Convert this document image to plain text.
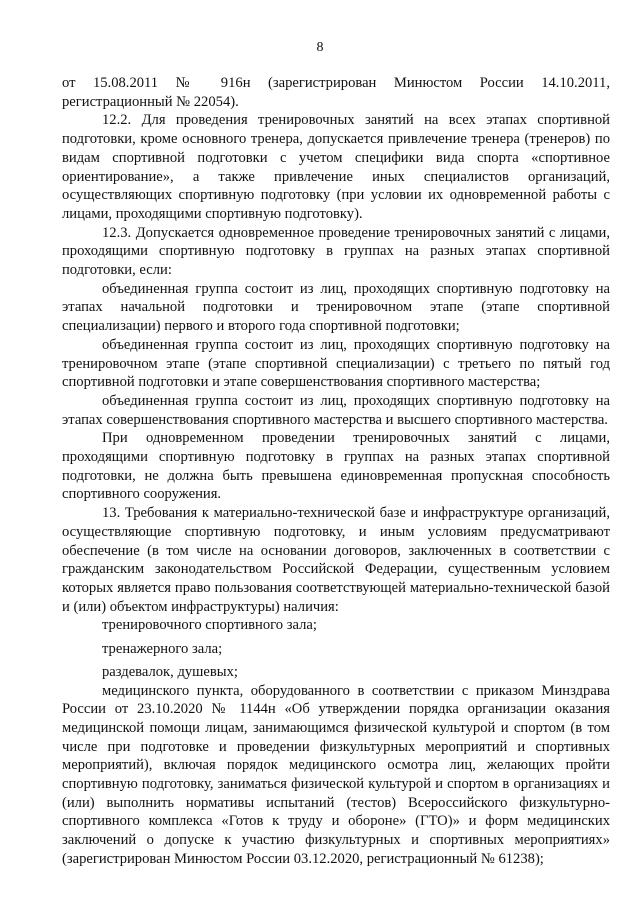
8

от 15.08.2011 № 916н (зарегистрирован Минюстом России 14.10.2011, регистрационный № 22054).

12.2. Для проведения тренировочных занятий на всех этапах спортивной подготовки, кроме основного тренера, допускается привлечение тренера (тренеров) по видам спортивной подготовки с учетом специфики вида спорта «спортивное ориентирование», а также привлечение иных специалистов организаций, осуществляющих спортивную подготовку (при условии их одновременной работы с лицами, проходящими спортивную подготовку).

12.3. Допускается одновременное проведение тренировочных занятий с лицами, проходящими спортивную подготовку в группах на разных этапах спортивной подготовки, если:

объединенная группа состоит из лиц, проходящих спортивную подготовку на этапах начальной подготовки и тренировочном этапе (этапе спортивной специализации) первого и второго года спортивной подготовки;

объединенная группа состоит из лиц, проходящих спортивную подготовку на тренировочном этапе (этапе спортивной специализации) с третьего по пятый год спортивной подготовки и этапе совершенствования спортивного мастерства;

объединенная группа состоит из лиц, проходящих спортивную подготовку на этапах совершенствования спортивного мастерства и высшего спортивного мастерства.

При одновременном проведении тренировочных занятий с лицами, проходящими спортивную подготовку в группах на разных этапах спортивной подготовки, не должна быть превышена единовременная пропускная способность спортивного сооружения.

13. Требования к материально-технической базе и инфраструктуре организаций, осуществляющие спортивную подготовку, и иным условиям предусматривают обеспечение (в том числе на основании договоров, заключенных в соответствии с гражданским законодательством Российской Федерации, существенным условием которых является право пользования соответствующей материально-технической базой и (или) объектом инфраструктуры) наличия:

тренировочного спортивного зала;

тренажерного зала;

раздевалок, душевых;

медицинского пункта, оборудованного в соответствии с приказом Минздрава России от 23.10.2020 № 1144н «Об утверждении порядка организации оказания медицинской помощи лицам, занимающимся физической культурой и спортом (в том числе при подготовке и проведении физкультурных мероприятий и спортивных мероприятий), включая порядок медицинского осмотра лиц, желающих пройти спортивную подготовку, заниматься физической культурой и спортом в организациях и (или) выполнить нормативы испытаний (тестов) Всероссийского физкультурно-спортивного комплекса «Готов к труду и обороне» (ГТО)» и форм медицинских заключений о допуске к участию физкультурных и спортивных мероприятиях» (зарегистрирован Минюстом России 03.12.2020, регистрационный № 61238);
